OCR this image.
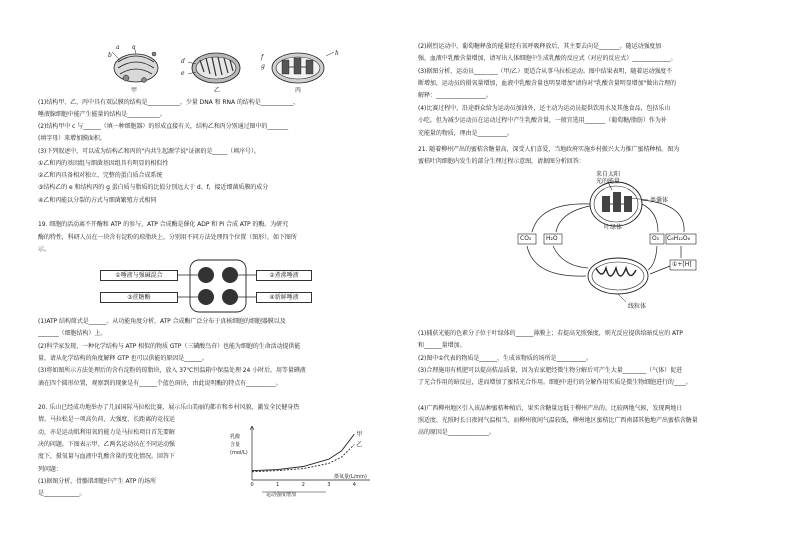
a
b
c
d
e
f
g
h
甲	乙	丙
(1)结构甲、乙、丙中具有双层膜的结构是___________，少量 DNA 和 RNA 的结构是___________，
唾液腺细胞中能产生能量的结构是___________。
(2)结构甲中 c 与______（填一种细胞器）的形成直接有关，结构乙和丙分别通过图中的_______
(填字母）来增加膜面积。
(3)下列叙述中，可以成为结构乙和丙的"内共生起源学说"证据的是_____（填序号）。
①乙和丙的基因组与细菌基因组具有明显的相似性
②乙和丙具备相对独立、完整的蛋白质合成系统
③结构乙的 e 和结构丙的 g 蛋白质与脂质的比值分别远大于 d、f，接近细菌质膜的成分
④乙和丙能以分裂的方式与细菌繁殖方式相同
19. 细胞的活动离不开酶和 ATP 的参与，ATP 合成酶是催化 ADP 和 Pi 合成 ATP 的酶。为研究
酶的特性，科研人员在一块含有淀粉的琼脂块上，分别用不同方法处理四个位置（图形），如下图所
示。
①唾液与强碱混合	②煮沸唾液
③蔗糖酶	④新鲜唾液
(1)ATP 结构简式是______。从功能角度分析，ATP 合成酶广泛分布于真核细胞的细胞器膜以及
_______（细胞结构）上。
(2)科学家发现，一种化学结构与 ATP 相似的物质 GTP（三磷酸鸟苷）也能为细胞的生命活动提供能
量，请从化学结构的角度解释 GTP 也可以供能的原因是______。
(3)将如图所示方法处理后的含有淀粉的琼脂块，放入 37℃恒温箱中保温处理 24 小时后，用等量碘液
滴在四个圆形位置，观察到的现象是有______个蓝色斑块，由此说明酶的特点有__________。
20. 乐山已经成功地举办了几届国际马拉松比赛，展示乐山美丽的都市和乡村风貌、激发全民健身热
情。马拉松是一项高负荷、大强度、长距离的竞技运
动，亦是运动肌利用氧的能力是马拉松项目首先要解
决的问题。下图表示甲、乙两名运动员在不同运动强
度下，摄氧量与血液中乳酸含量的变化情况。回答下
列问题：
(1)据图分析，骨骼肌细胞中产生 ATP 的场所
是____________。
乳酸
含量
(mol/L)
甲
乙
0	1	2	3	4
摄氧量(L/min)
运动强度增加
(2)剧烈运动中，葡萄糖释放的能量经有氧呼吸释放后，其主要去向是_______。随运动强度加
强，血液中乳酸含量增加，请写出人体细胞中生成乳酸的反应式（对应的反应式）_____________。
(3)据图分析，运动员________（甲/乙）更适合从事马拉松运动。图中结果表明，随着运动强度不
断增加，运动员的摄氧量增加，血液中乳酸含量也明显增加"请你对"乳酸含量明显增加"做出合理的
解释：_________________。
(4)比赛过程中，沿途群众给为运动员加油外，还主动为运动员提供饮用水及其他食品，包括乐山
小吃。但为减少运动员在运动过程中产生乳酸含量，一般宜选用_______（葡萄糖/脂肪）作为补
充能量的物质，理由是__________。
21. 随着柳州产出的蜜桔含糖量高，深受人们喜爱，当地政府实施乡村振兴大力推广蜜桔种植。图为
蜜桔叶肉细胞内发生的部分生理过程示意图，请据图分析回答：
来自太阳
光的能量
类囊体
叶绿体
CO₂ H₂O	O₂ C₆H₁₂O₆
①+[H]
线粒体
(1)捕获光能的色素分子位于叶绿体的______薄膜上；若提高光照强度，则光反应提供给暗反应的 ATP
和______量增加。
(2)图中①代表的物质是______，生成该物质的场所是__________。
(3)合理施用有机肥可以提高桔品质量，因为农家肥经微生物分解后可产生大量________（气体）促进
了光合作用的暗反应，进而增加了蜜桔光合作用。细胞中进行的分解作用实质是微生物细胞进行的____。
(4)广西柳州地区引入该品种蜜桔种植后，果实含糖量远低于柳州产出的。比较两地气候，发现两地日
照适度、光照时长日夜间气温相当，而柳州夜间气温较低，柳州地区蜜桔比广西南部其他地产出蜜桔含糖量
高的原因是______________。
